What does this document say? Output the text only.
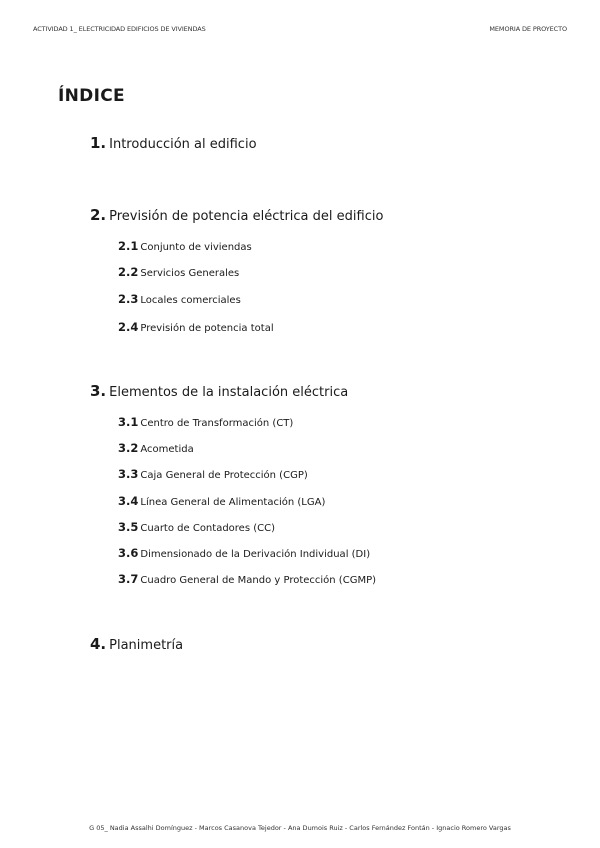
ACTIVIDAD 1_ ELECTRICIDAD EDIFICIOS DE VIVIENDAS	MEMORIA DE PROYECTO
ÍNDICE
1. Introducción al edificio
2. Previsión de potencia eléctrica del edificio
2.1 Conjunto de viviendas
2.2 Servicios Generales
2.3 Locales comerciales
2.4 Previsión de potencia total
3. Elementos de la instalación eléctrica
3.1 Centro de Transformación (CT)
3.2 Acometida
3.3 Caja General de Protección (CGP)
3.4 Línea General de Alimentación (LGA)
3.5 Cuarto de Contadores (CC)
3.6 Dimensionado de la Derivación Individual (DI)
3.7 Cuadro General de Mando y Protección (CGMP)
4. Planimetría
G 05_ Nadia Assalhi Domínguez - Marcos Casanova Tejedor - Ana Dumois Ruiz - Carlos Fernández Fontán - Ignacio Romero Vargas
